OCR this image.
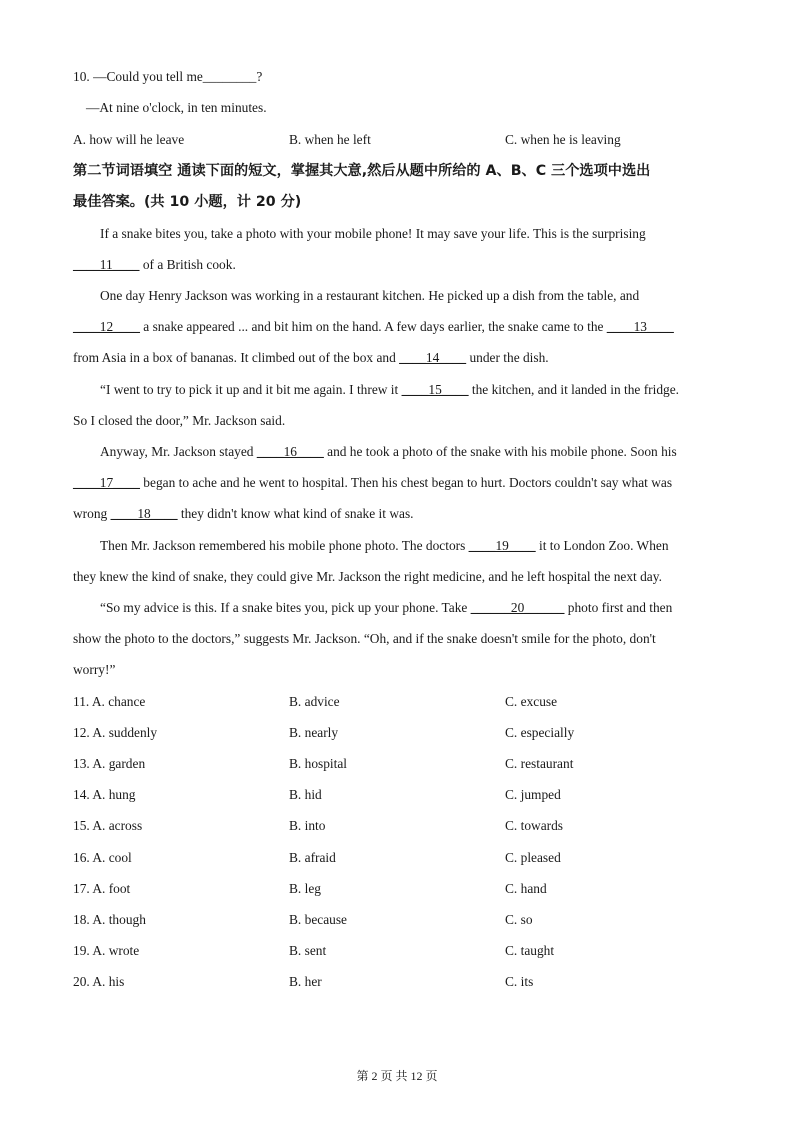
10. —Could you tell me________?
—At nine o'clock, in ten minutes.
A. how will he leave	B. when he left	C. when he is leaving
第二节词语填空 通读下面的短文，掌握其大意,然后从题中所给的 A、B、C 三个选项中选出
最佳答案。(共 10 小题，计 20 分)
If a snake bites you, take a photo with your mobile phone! It may save your life. This is the surprising
____11____ of a British cook.
One day Henry Jackson was working in a restaurant kitchen. He picked up a dish from the table, and
____12____ a snake appeared ... and bit him on the hand. A few days earlier, the snake came to the ____13____
from Asia in a box of bananas. It climbed out of the box and ____14____ under the dish.
“I went to try to pick it up and it bit me again. I threw it ____15____ the kitchen, and it landed in the fridge.
So I closed the door,” Mr. Jackson said.
Anyway, Mr. Jackson stayed ____16____ and he took a photo of the snake with his mobile phone. Soon his
____17____ began to ache and he went to hospital. Then his chest began to hurt. Doctors couldn't say what was
wrong ____18____ they didn't know what kind of snake it was.
Then Mr. Jackson remembered his mobile phone photo. The doctors ____19____ it to London Zoo. When
they knew the kind of snake, they could give Mr. Jackson the right medicine, and he left hospital the next day.
“So my advice is this. If a snake bites you, pick up your phone. Take ______20______ photo first and then
show the photo to the doctors,” suggests Mr. Jackson. “Oh, and if the snake doesn't smile for the photo, don't
worry!”
11. A. chance	B. advice	C. excuse
12. A. suddenly	B. nearly	C. especially
13. A. garden	B. hospital	C. restaurant
14. A. hung	B. hid	C. jumped
15. A. across	B. into	C. towards
16. A. cool	B. afraid	C. pleased
17. A. foot	B. leg	C. hand
18. A. though	B. because	C. so
19. A. wrote	B. sent	C. taught
20. A. his	B. her	C. its
第 2 页 共 12 页
